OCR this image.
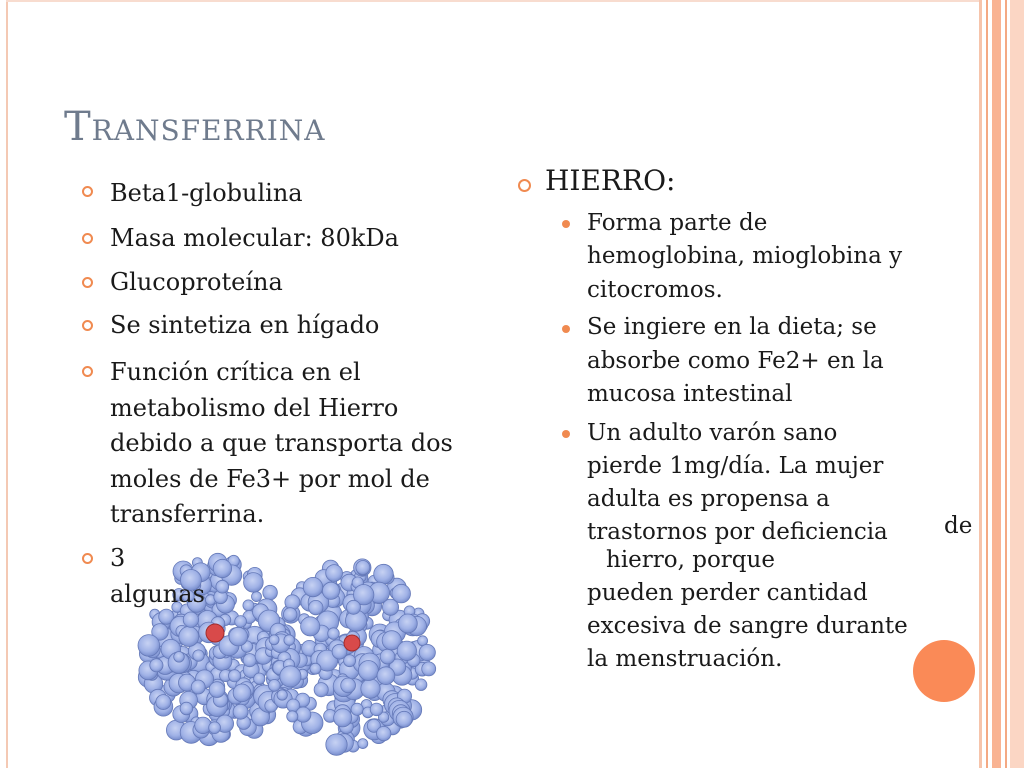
Transferrina
Beta1-globulina
Masa molecular: 80kDa
Glucoproteína
Se sintetiza en hígado
Función crítica en el
metabolismo del Hierro
debido a que transporta dos
moles de Fe3+ por mol de
transferrina.
3
algunas
HIERRO:
Forma parte de
hemoglobina, mioglobina y
citocromos.
Se ingiere en la dieta; se
absorbe como Fe2+ en la
mucosa intestinal
Un adulto varón sano
pierde 1mg/día. La mujer
adulta es propensa a
trastornos por deficiencia de
hierro, porque
pueden perder cantidad
excesiva de sangre durante
la menstruación.
